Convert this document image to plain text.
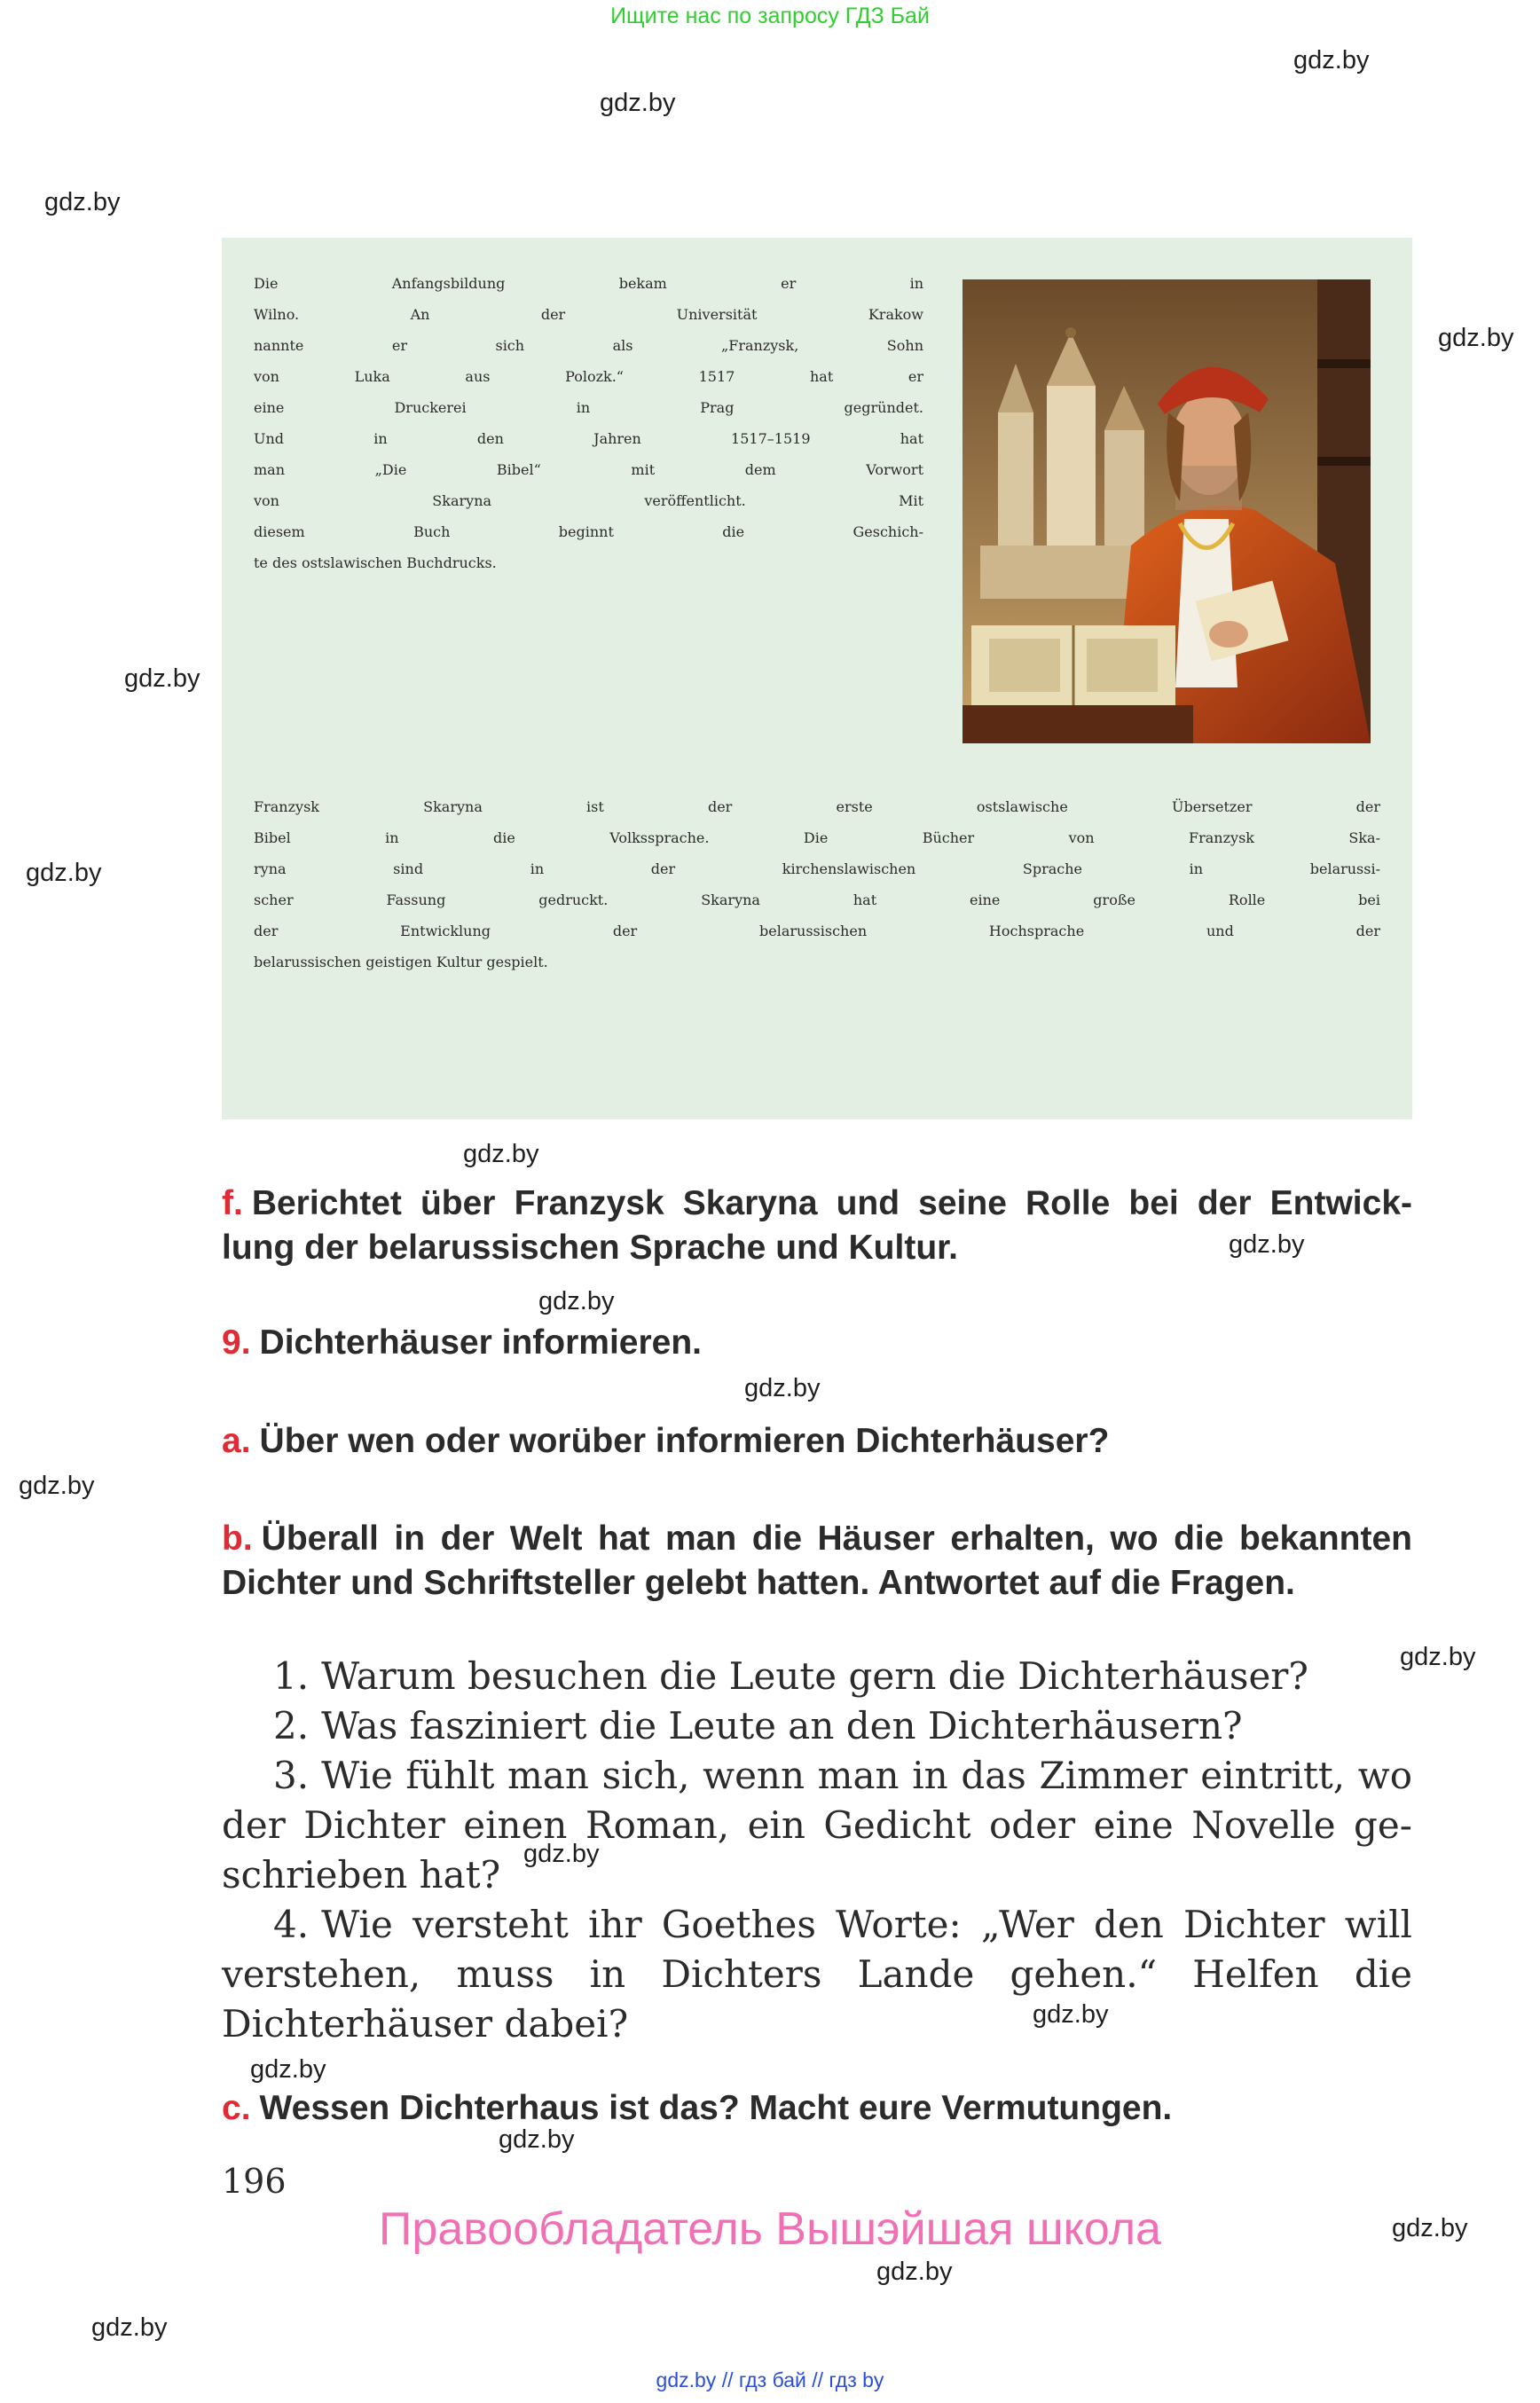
Ищите нас по запросу ГДЗ Бай
gdz.by
gdz.by
gdz.by
gdz.by
gdz.by
gdz.by
gdz.by
gdz.by
gdz.by
gdz.by
gdz.by
gdz.by
gdz.by
gdz.by
gdz.by
gdz.by
gdz.by
gdz.by
gdz.by

Die Anfangsbildung bekam er in

Wilno. An der Universität Krakow

nannte er sich als „Franzysk, Sohn

von Luka aus Polozk.“ 1517 hat er

eine Druckerei in Prag gegründet.

Und in den Jahren 1517–1519 hat

man „Die Bibel“ mit dem Vorwort

von Skaryna veröffentlicht. Mit

diesem Buch beginnt die Geschich-

te des ostslawischen Buchdrucks.

Franzysk Skaryna ist der erste ostslawische Übersetzer der

Bibel in die Volkssprache. Die Bücher von Franzysk Ska-

ryna sind in der kirchenslawischen Sprache in belarussi-

scher Fassung gedruckt. Skaryna hat eine große Rolle bei

der Entwicklung der belarussischen Hochsprache und der

belarussischen geistigen Kultur gespielt.

f. Berichtet über Franzysk Skaryna und seine Rolle bei der Entwick-

lung der belarussischen Sprache und Kultur.

9. Dichterhäuser informieren.

a. Über wen oder worüber informieren Dichterhäuser?

b. Überall in der Welt hat man die Häuser erhalten, wo die bekannten

Dichter und Schriftsteller gelebt hatten. Antwortet auf die Fragen.

1. Warum besuchen die Leute gern die Dichterhäuser?

2. Was fasziniert die Leute an den Dichterhäusern?

3. Wie fühlt man sich, wenn man in das Zimmer eintritt, wo der Dichter einen Roman, ein Gedicht oder eine Novelle geschrieben hat?

4. Wie versteht ihr Goethes Worte: „Wer den Dichter will verstehen, muss in Dichters Lande gehen.“ Helfen die Dichterhäuser dabei?

c. Wessen Dichterhaus ist das? Macht eure Vermutungen.

196
Правообладатель Вышэйшая школа
gdz.by // гдз бай // гдз by
